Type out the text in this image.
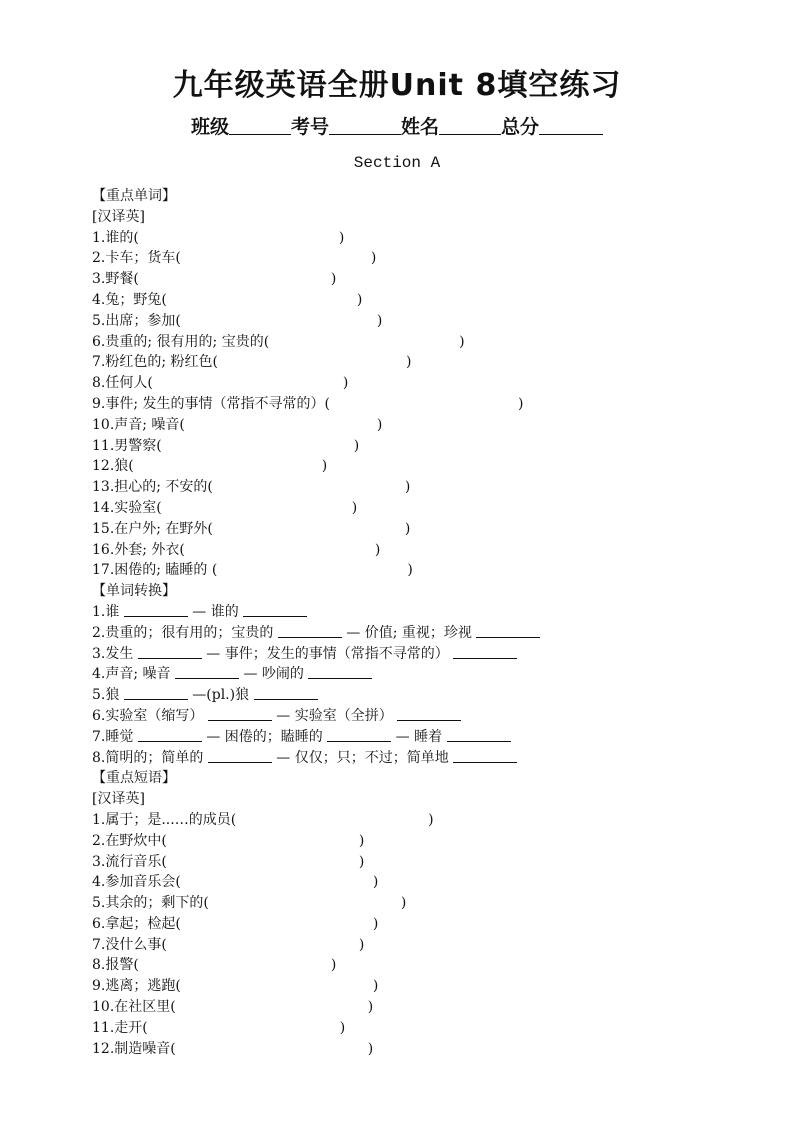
九年级英语全册Unit 8填空练习
班级	考号	姓名	总分
Section A
【重点单词】
[汉译英]
1.谁的(	)
2.卡车；货车(	)
3.野餐(	)
4.兔；野兔(	)
5.出席；参加(	)
6.贵重的; 很有用的; 宝贵的(	)
7.粉红色的; 粉红色(	)
8.任何人(	)
9.事件; 发生的事情（常指不寻常的）(	)
10.声音; 噪音(	)
11.男警察(	)
12.狼(	)
13.担心的; 不安的(	)
14.实验室(	)
15.在户外; 在野外(	)
16.外套; 外衣(	)
17.困倦的; 瞌睡的 (	)
【单词转换】
1.谁	— 谁的
2.贵重的；很有用的；宝贵的	— 价值; 重视；珍视
3.发生	— 事件；发生的事情（常指不寻常的）
4.声音; 噪音	— 吵闹的
5.狼	—(pl.)狼
6.实验室（缩写）	— 实验室（全拼）
7.睡觉	— 困倦的；瞌睡的	— 睡着
8.简明的；简单的	— 仅仅；只；不过；简单地
【重点短语】
[汉译英]
1.属于；是...…的成员(	)
2.在野炊中(	)
3.流行音乐(	)
4.参加音乐会(	)
5.其余的；剩下的(	)
6.拿起；检起(	)
7.没什么事(	)
8.报警(	)
9.逃离；逃跑(	)
10.在社区里(	)
11.走开(	)
12.制造噪音(	)
